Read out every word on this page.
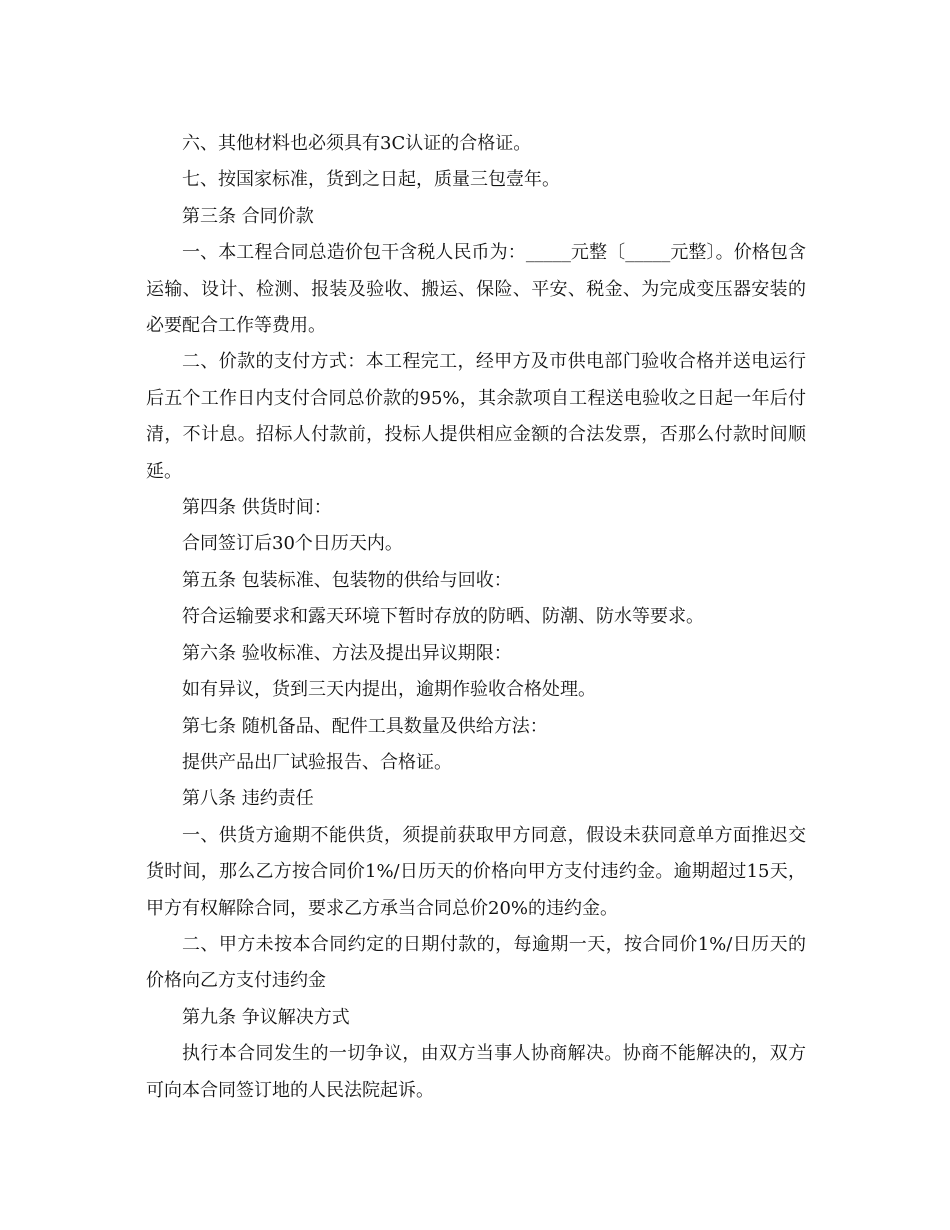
六、其他材料也必须具有3C认证的合格证。

七、按国家标准，货到之日起，质量三包壹年。

第三条 合同价款

一、本工程合同总造价包干含税人民币为：_____元整〔_____元整〕。价格包含运输、设计、检测、报装及验收、搬运、保险、平安、税金、为完成变压器安装的必要配合工作等费用。

二、价款的支付方式：本工程完工，经甲方及市供电部门验收合格并送电运行后五个工作日内支付合同总价款的95%，其余款项自工程送电验收之日起一年后付清，不计息。招标人付款前，投标人提供相应金额的合法发票，否那么付款时间顺延。

第四条 供货时间：

合同签订后30个日历天内。

第五条 包装标准、包装物的供给与回收：

符合运输要求和露天环境下暂时存放的防晒、防潮、防水等要求。

第六条 验收标准、方法及提出异议期限：

如有异议，货到三天内提出，逾期作验收合格处理。

第七条 随机备品、配件工具数量及供给方法：

提供产品出厂试验报告、合格证。

第八条 违约责任

一、供货方逾期不能供货，须提前获取甲方同意，假设未获同意单方面推迟交货时间，那么乙方按合同价1%/日历天的价格向甲方支付违约金。逾期超过15天，甲方有权解除合同，要求乙方承当合同总价20%的违约金。

二、甲方未按本合同约定的日期付款的，每逾期一天，按合同价1%/日历天的价格向乙方支付违约金

第九条 争议解决方式

执行本合同发生的一切争议，由双方当事人协商解决。协商不能解决的，双方可向本合同签订地的人民法院起诉。
